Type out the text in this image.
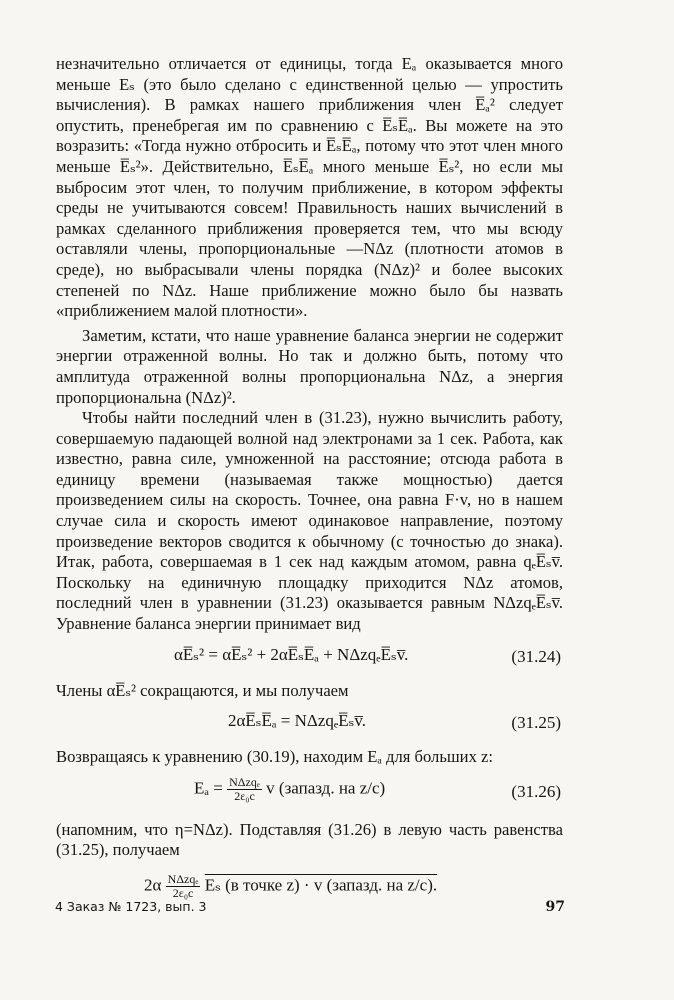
незначительно отличается от единицы, тогда Eₐ оказывается много меньше Eₛ (это было сделано с единственной целью — упростить вычисления). В рамках нашего приближения член E̅ₐ² следует опустить, пренебрегая им по сравнению с E̅ₛE̅ₐ. Вы можете на это возразить: «Тогда нужно отбросить и E̅ₛE̅ₐ, потому что этот член много меньше E̅ₛ²». Действительно, E̅ₛE̅ₐ много меньше E̅ₛ², но если мы выбросим этот член, то получим приближение, в котором эффекты среды не учитываются совсем! Правильность наших вычислений в рамках сделанного приближения проверяется тем, что мы всюду оставляли члены, пропорциональные —NΔz (плотности атомов в среде), но выбрасывали члены порядка (NΔz)² и более высоких степеней по NΔz. Наше приближение можно было бы назвать «приближением малой плотности».

Заметим, кстати, что наше уравнение баланса энергии не содержит энергии отраженной волны. Но так и должно быть, потому что амплитуда отраженной волны пропорциональна NΔz, а энергия пропорциональна (NΔz)².

Чтобы найти последний член в (31.23), нужно вычислить работу, совершаемую падающей волной над электронами за 1 сек. Работа, как известно, равна силе, умноженной на расстояние; отсюда работа в единицу времени (называемая также мощностью) дается произведением силы на скорость. Точнее, она равна F·v, но в нашем случае сила и скорость имеют одинаковое направление, поэтому произведение векторов сводится к обычному (с точностью до знака). Итак, работа, совершаемая в 1 сек над каждым атомом, равна qₑE̅ₛv̅. Поскольку на единичную площадку приходится NΔz атомов, последний член в уравнении (31.23) оказывается равным NΔzqₑE̅ₛv̅. Уравнение баланса энергии принимает вид

αE̅ₛ² = αE̅ₛ² + 2αE̅ₛE̅ₐ + NΔzqₑE̅ₛv̅.	(31.24)

Члены αE̅ₛ² сокращаются, и мы получаем

2αE̅ₛE̅ₐ = NΔzqₑE̅ₛv̅.	(31.25)

Возвращаясь к уравнению (30.19), находим Eₐ для больших z:

$E_a = \frac{\text{NΔzqₑ}}{\text{2ε₀c}}$ v (запазд. на z/c)	(31.26)

(напомним, что η=NΔz). Подставляя (31.26) в левую часть равенства (31.25), получаем

$2\alpha \frac{\text{NΔzqₑ}}{\text{2ε₀c}}$ Eₛ (в точке z) · v (запазд. на z/c).
4 Заказ № 1723, вып. 3	97
